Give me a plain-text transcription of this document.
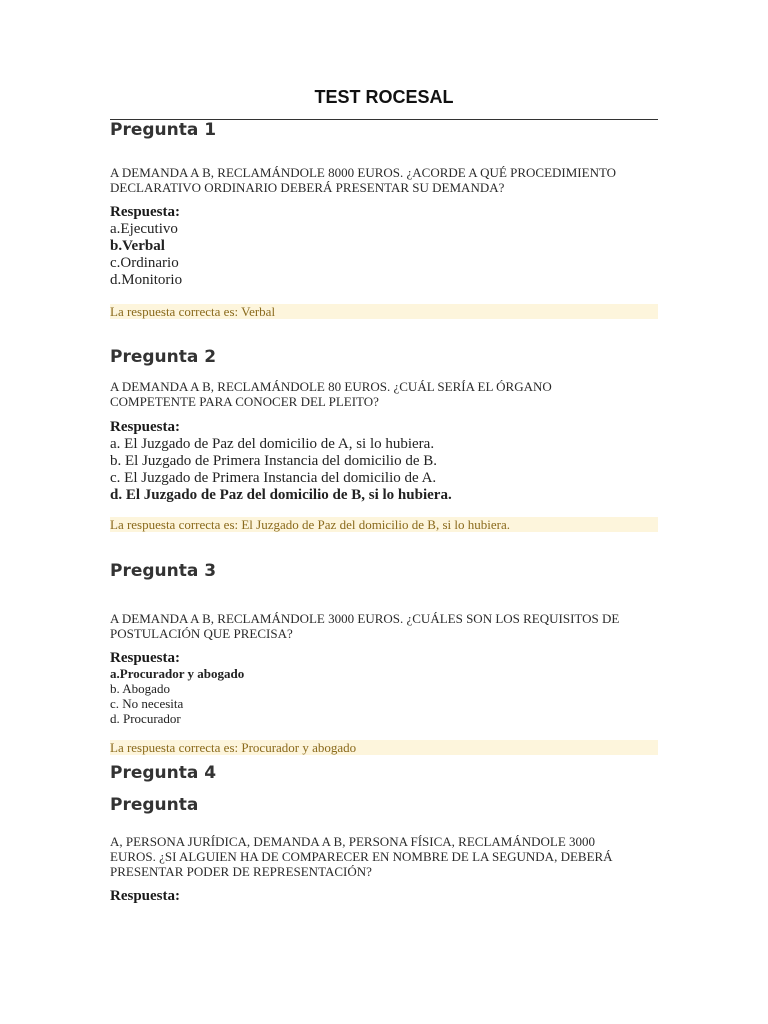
TEST ROCESAL
Pregunta 1
A DEMANDA A B, RECLAMÁNDOLE 8000 EUROS. ¿ACORDE A QUÉ PROCEDIMIENTO
DECLARATIVO ORDINARIO DEBERÁ PRESENTAR SU DEMANDA?
Respuesta:
a.Ejecutivo
b.Verbal
c.Ordinario
d.Monitorio
La respuesta correcta es: Verbal
Pregunta 2
A DEMANDA A B, RECLAMÁNDOLE 80 EUROS. ¿CUÁL SERÍA EL ÓRGANO
COMPETENTE PARA CONOCER DEL PLEITO?
Respuesta:
a. El Juzgado de Paz del domicilio de A, si lo hubiera.
b. El Juzgado de Primera Instancia del domicilio de B.
c. El Juzgado de Primera Instancia del domicilio de A.
d. El Juzgado de Paz del domicilio de B, si lo hubiera.
La respuesta correcta es: El Juzgado de Paz del domicilio de B, si lo hubiera.
Pregunta 3
A DEMANDA A B, RECLAMÁNDOLE 3000 EUROS. ¿CUÁLES SON LOS REQUISITOS DE
POSTULACIÓN QUE PRECISA?
Respuesta:
a.Procurador y abogado
b. Abogado
c. No necesita
d. Procurador
La respuesta correcta es: Procurador y abogado
Pregunta 4
Pregunta
A, PERSONA JURÍDICA, DEMANDA A B, PERSONA FÍSICA, RECLAMÁNDOLE 3000
EUROS. ¿SI ALGUIEN HA DE COMPARECER EN NOMBRE DE LA SEGUNDA, DEBERÁ
PRESENTAR PODER DE REPRESENTACIÓN?
Respuesta:
